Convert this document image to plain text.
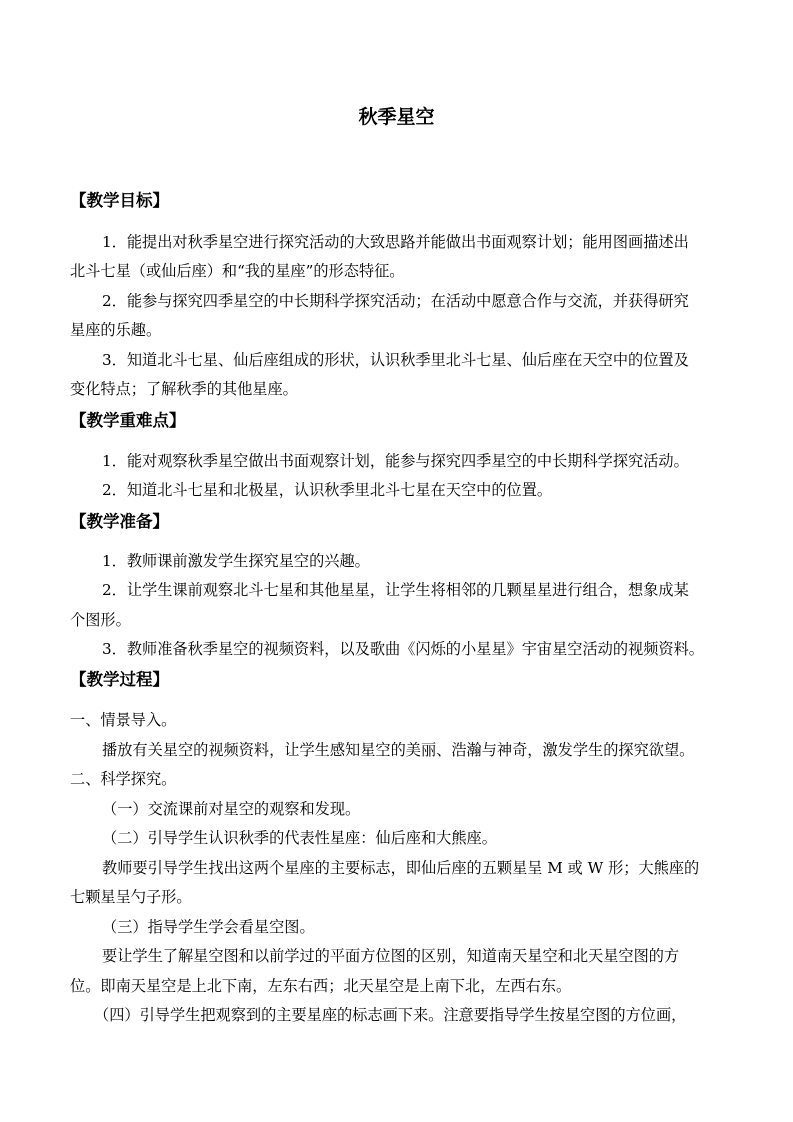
秋季星空
【教学目标】
1．能提出对秋季星空进行探究活动的大致思路并能做出书面观察计划；能用图画描述出
北斗七星（或仙后座）和“我的星座”的形态特征。
2．能参与探究四季星空的中长期科学探究活动；在活动中愿意合作与交流，并获得研究
星座的乐趣。
3．知道北斗七星、仙后座组成的形状，认识秋季里北斗七星、仙后座在天空中的位置及
变化特点；了解秋季的其他星座。
【教学重难点】
1．能对观察秋季星空做出书面观察计划，能参与探究四季星空的中长期科学探究活动。
2．知道北斗七星和北极星，认识秋季里北斗七星在天空中的位置。
【教学准备】
1．教师课前激发学生探究星空的兴趣。
2．让学生课前观察北斗七星和其他星星，让学生将相邻的几颗星星进行组合，想象成某
个图形。
3．教师准备秋季星空的视频资料，以及歌曲《闪烁的小星星》宇宙星空活动的视频资料。
【教学过程】
一、情景导入。
播放有关星空的视频资料，让学生感知星空的美丽、浩瀚与神奇，激发学生的探究欲望。
二、科学探究。
（一）交流课前对星空的观察和发现。
（二）引导学生认识秋季的代表性星座：仙后座和大熊座。
教师要引导学生找出这两个星座的主要标志，即仙后座的五颗星呈 M 或 W 形；大熊座的
七颗星呈勺子形。
（三）指导学生学会看星空图。
要让学生了解星空图和以前学过的平面方位图的区别，知道南天星空和北天星空图的方
位。即南天星空是上北下南，左东右西；北天星空是上南下北，左西右东。
（四）引导学生把观察到的主要星座的标志画下来。注意要指导学生按星空图的方位画，
